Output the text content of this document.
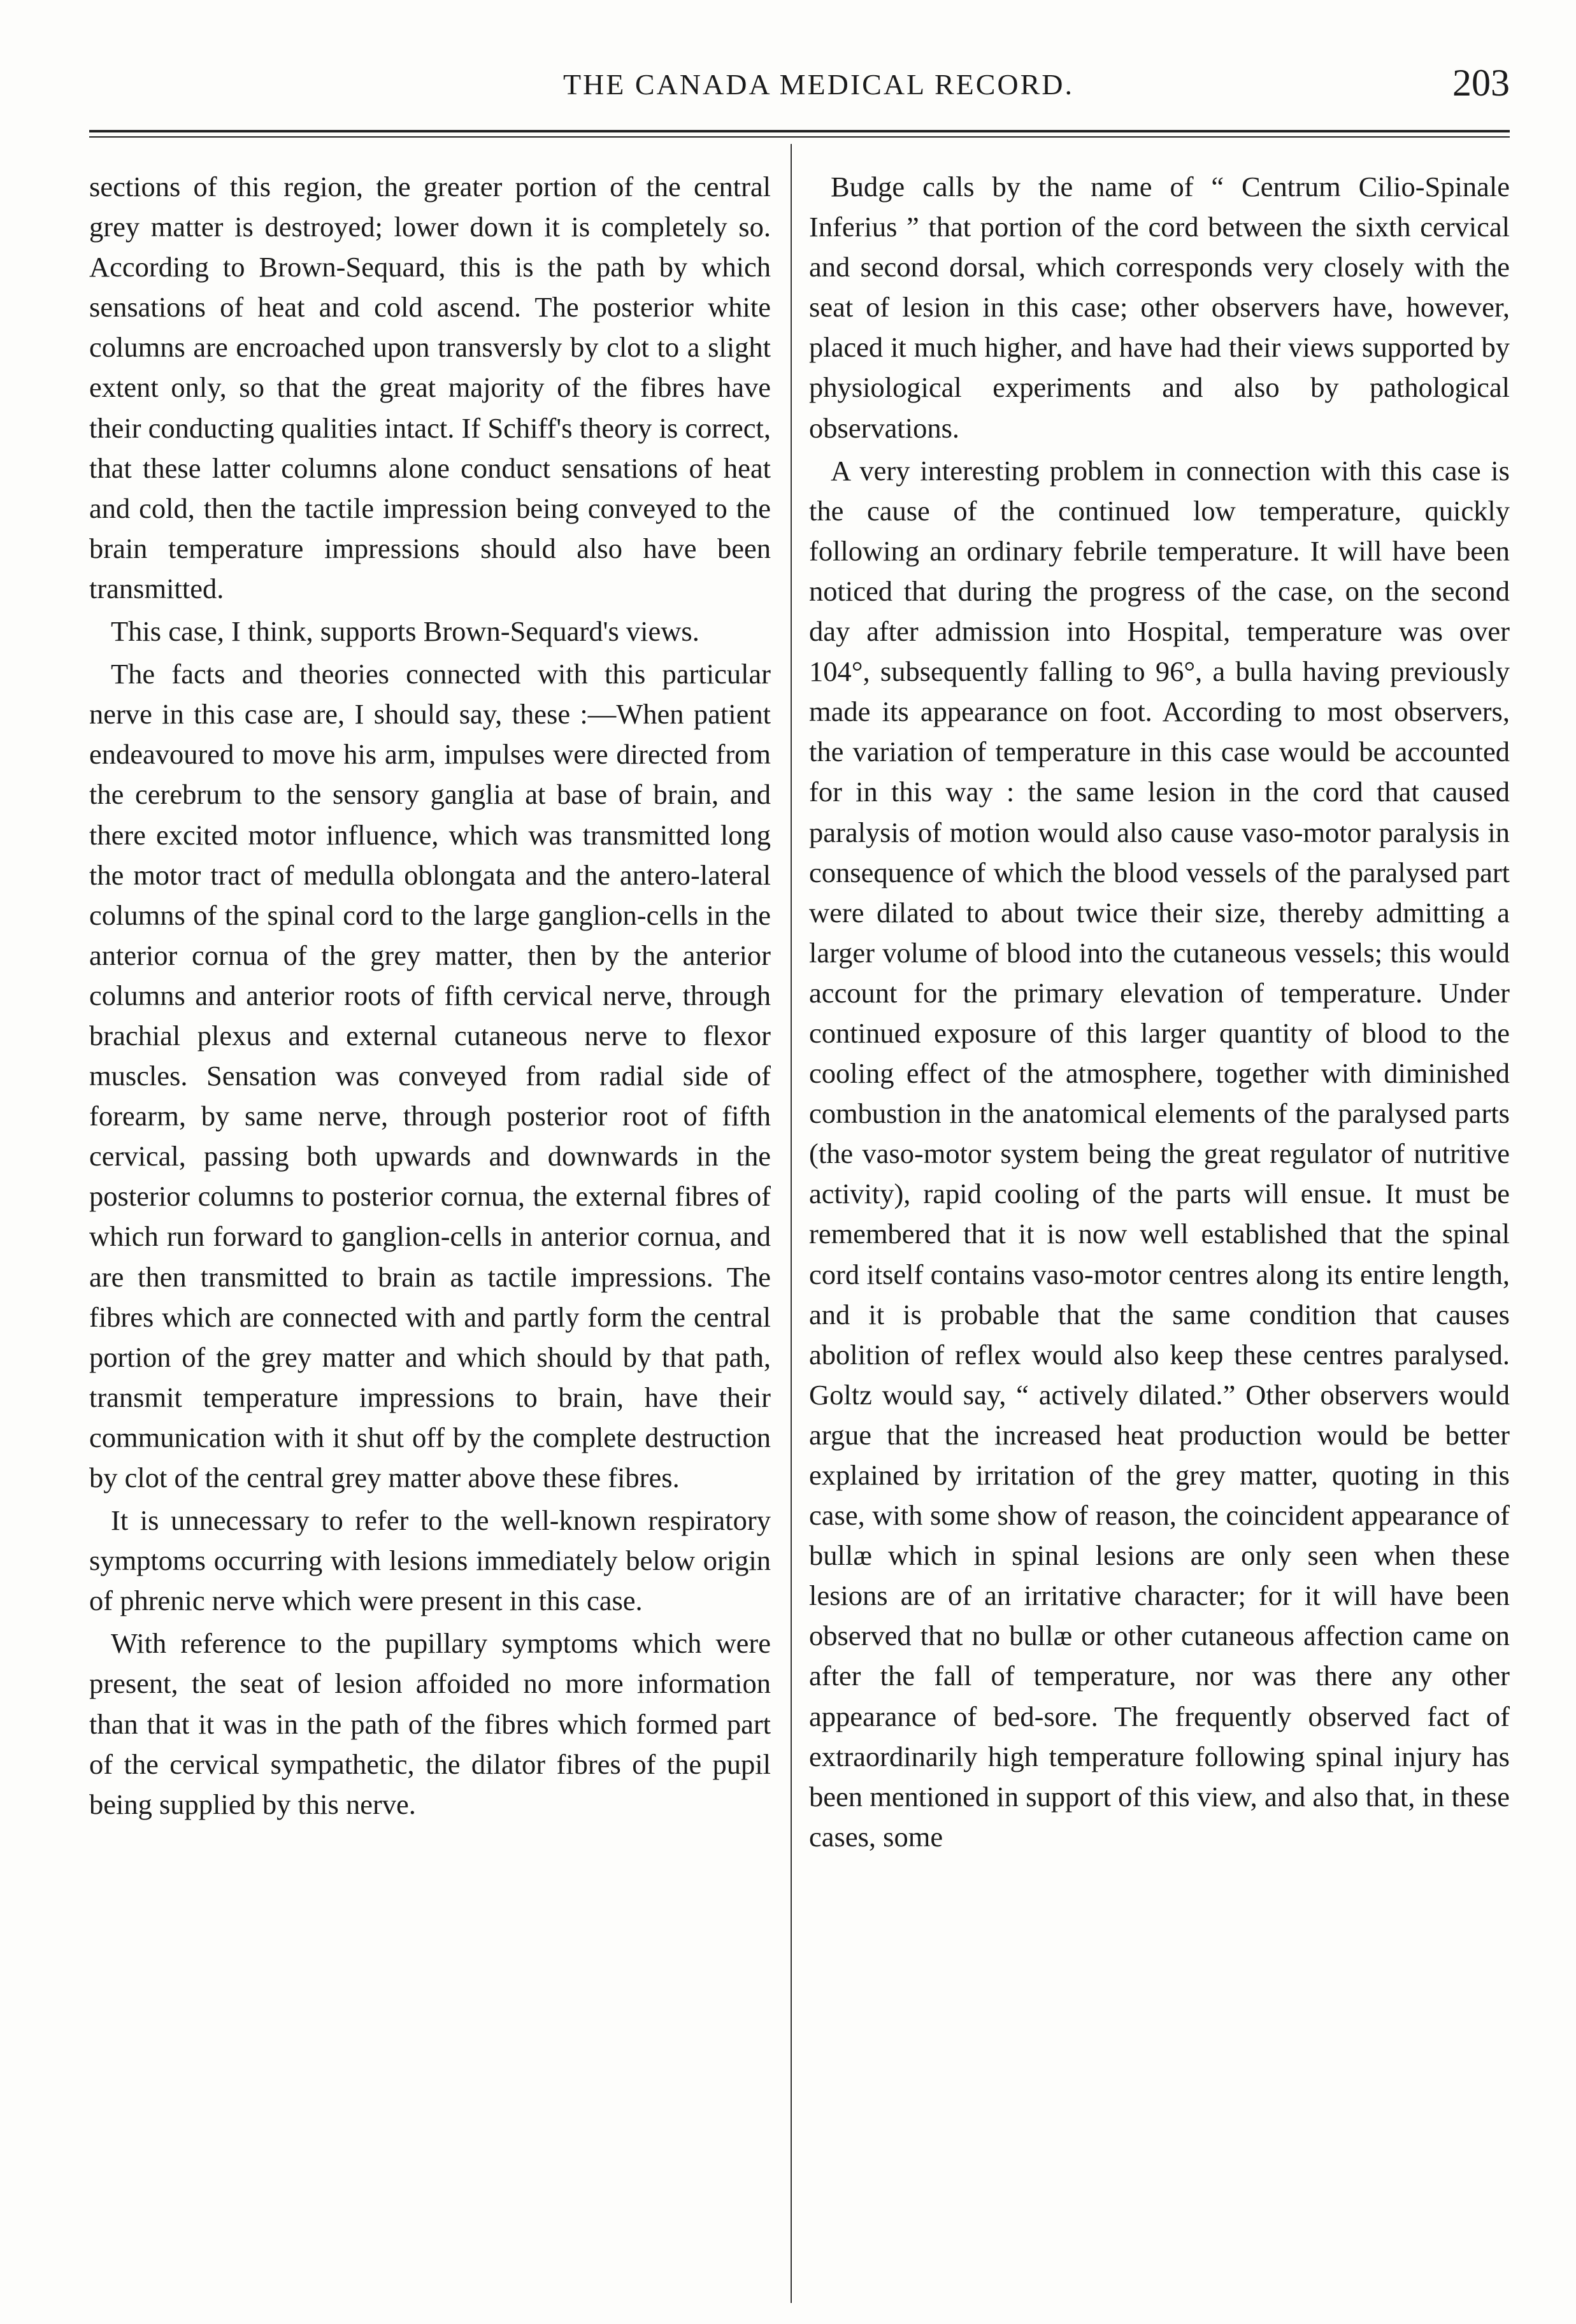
THE CANADA MEDICAL RECORD.	203

sections of this region, the greater portion of the central grey matter is destroyed; lower down it is completely so. According to Brown-Sequard, this is the path by which sensations of heat and cold ascend. The posterior white columns are encroached upon transversly by clot to a slight extent only, so that the great majority of the fibres have their conducting qualities intact. If Schiff's theory is correct, that these latter columns alone conduct sensations of heat and cold, then the tactile impression being conveyed to the brain temperature impressions should also have been transmitted.

This case, I think, supports Brown-Sequard's views.

The facts and theories connected with this particular nerve in this case are, I should say, these :—When patient endeavoured to move his arm, impulses were directed from the cerebrum to the sensory ganglia at base of brain, and there excited motor influence, which was transmitted long the motor tract of medulla oblongata and the antero-lateral columns of the spinal cord to the large ganglion-cells in the anterior cornua of the grey matter, then by the anterior columns and anterior roots of fifth cervical nerve, through brachial plexus and external cutaneous nerve to flexor muscles. Sensation was conveyed from radial side of forearm, by same nerve, through posterior root of fifth cervical, passing both upwards and downwards in the posterior columns to posterior cornua, the external fibres of which run forward to ganglion-cells in anterior cornua, and are then transmitted to brain as tactile impressions. The fibres which are connected with and partly form the central portion of the grey matter and which should by that path, transmit temperature impressions to brain, have their communication with it shut off by the complete destruction by clot of the central grey matter above these fibres.

It is unnecessary to refer to the well-known respiratory symptoms occurring with lesions immediately below origin of phrenic nerve which were present in this case.

With reference to the pupillary symptoms which were present, the seat of lesion affoided no more information than that it was in the path of the fibres which formed part of the cervical sympathetic, the dilator fibres of the pupil being supplied by this nerve.

Budge calls by the name of “ Centrum Cilio-Spinale Inferius ” that portion of the cord between the sixth cervical and second dorsal, which corresponds very closely with the seat of lesion in this case; other observers have, however, placed it much higher, and have had their views supported by physiological experiments and also by pathological observations.

A very interesting problem in connection with this case is the cause of the continued low temperature, quickly following an ordinary febrile temperature. It will have been noticed that during the progress of the case, on the second day after admission into Hospital, temperature was over 104°, subsequently falling to 96°, a bulla having previously made its appearance on foot. According to most observers, the variation of temperature in this case would be accounted for in this way : the same lesion in the cord that caused paralysis of motion would also cause vaso-motor paralysis in consequence of which the blood vessels of the paralysed part were dilated to about twice their size, thereby admitting a larger volume of blood into the cutaneous vessels; this would account for the primary elevation of temperature. Under continued exposure of this larger quantity of blood to the cooling effect of the atmosphere, together with diminished combustion in the anatomical elements of the paralysed parts (the vaso-motor system being the great regulator of nutritive activity), rapid cooling of the parts will ensue. It must be remembered that it is now well established that the spinal cord itself contains vaso-motor centres along its entire length, and it is probable that the same condition that causes abolition of reflex would also keep these centres paralysed. Goltz would say, “ actively dilated.” Other observers would argue that the increased heat production would be better explained by irritation of the grey matter, quoting in this case, with some show of reason, the coincident appearance of bullæ which in spinal lesions are only seen when these lesions are of an irritative character; for it will have been observed that no bullæ or other cutaneous affection came on after the fall of temperature, nor was there any other appearance of bed-sore. The frequently observed fact of extraordinarily high temperature following spinal injury has been mentioned in support of this view, and also that, in these cases, some
